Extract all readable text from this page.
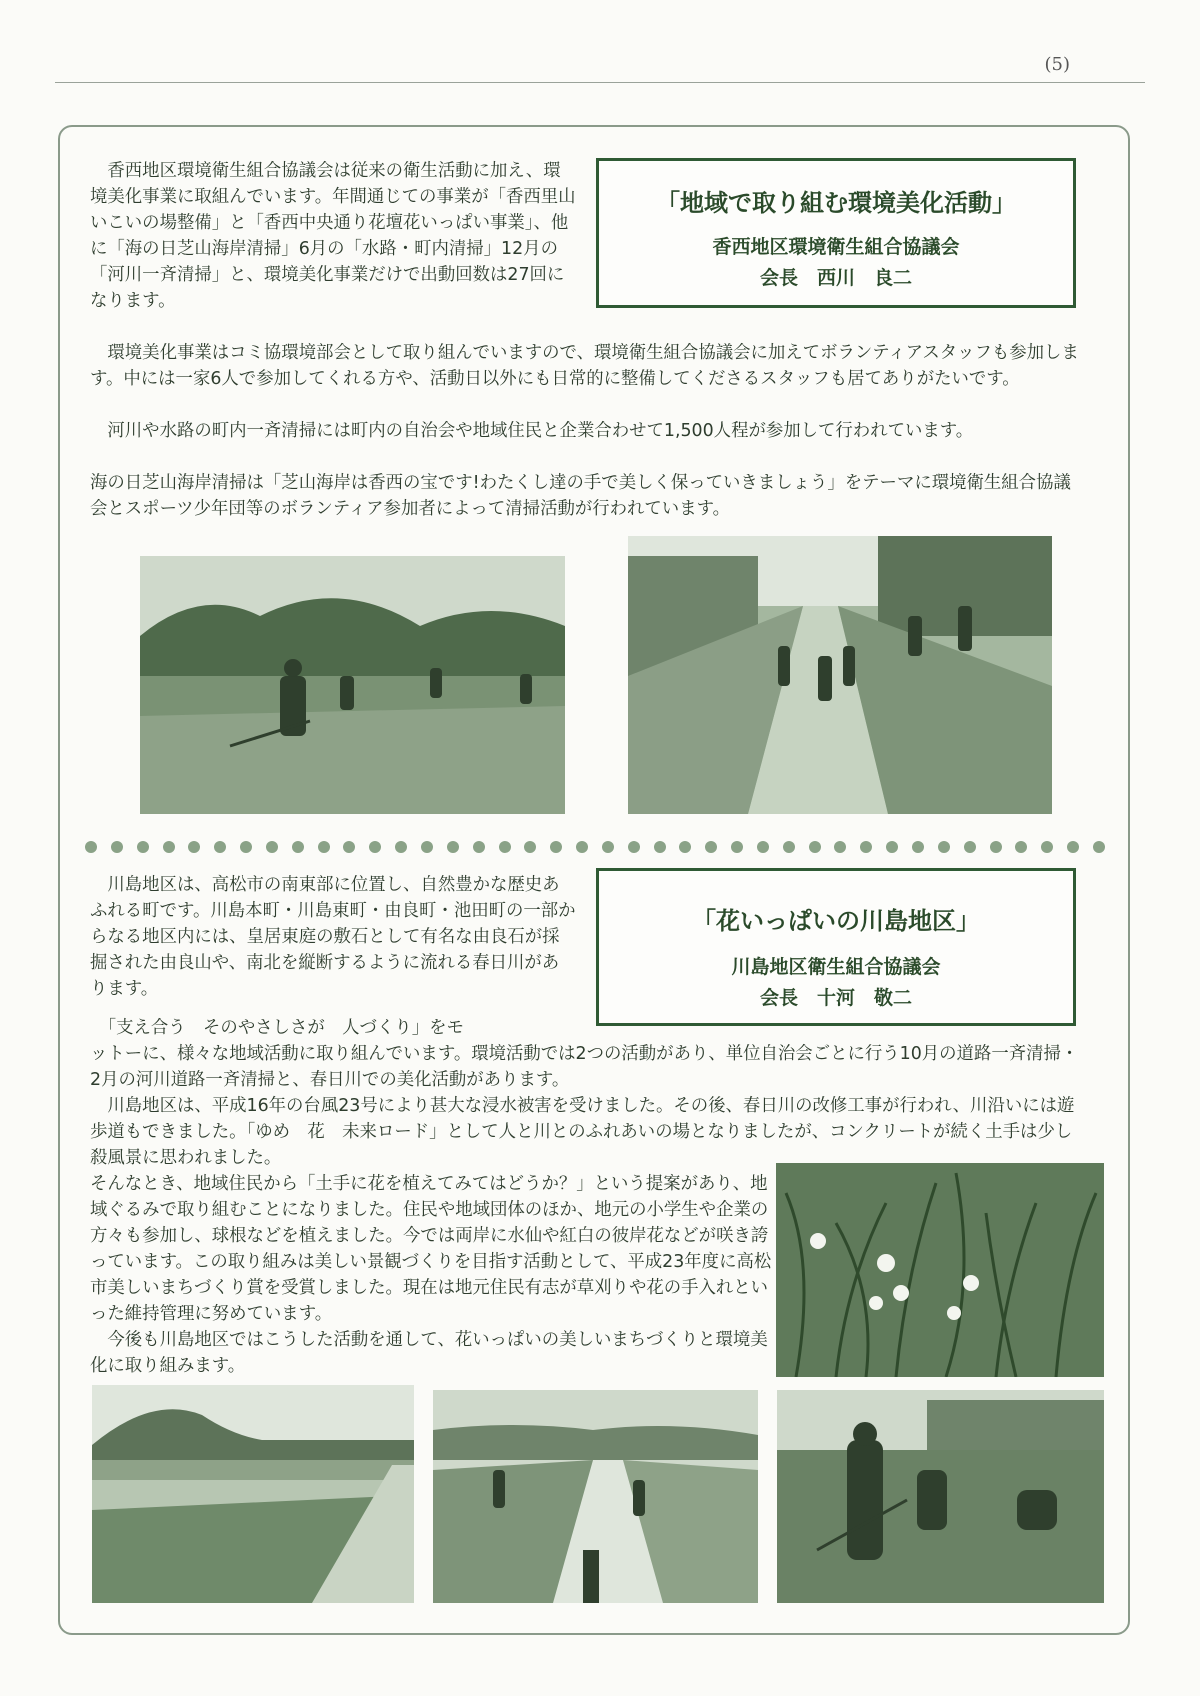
(5)

　香西地区環境衛生組合協議会は従来の衛生活動に加え、環境美化事業に取組んでいます。年間通じての事業が「香西里山いこいの場整備」と「香西中央通り花壇花いっぱい事業」、他に「海の日芝山海岸清掃」6月の「水路・町内清掃」12月の「河川一斉清掃」と、環境美化事業だけで出動回数は27回になります。

「地域で取り組む環境美化活動」
香西地区環境衛生組合協議会
会長　西川　良二

　環境美化事業はコミ協環境部会として取り組んでいますので、環境衛生組合協議会に加えてボランティアスタッフも参加します。中には一家6人で参加してくれる方や、活動日以外にも日常的に整備してくださるスタッフも居てありがたいです。

　河川や水路の町内一斉清掃には町内の自治会や地域住民と企業合わせて1,500人程が参加して行われています。

海の日芝山海岸清掃は「芝山海岸は香西の宝です!わたくし達の手で美しく保っていきましょう」をテーマに環境衛生組合協議会とスポーツ少年団等のボランティア参加者によって清掃活動が行われています。

　川島地区は、高松市の南東部に位置し、自然豊かな歴史あふれる町です。川島本町・川島東町・由良町・池田町の一部からなる地区内には、皇居東庭の敷石として有名な由良石が採掘された由良山や、南北を縦断するように流れる春日川があります。

「花いっぱいの川島地区」
川島地区衛生組合協議会
会長　十河　敬二

　「支え合う　そのやさしさが　人づくり」をモ

ットーに、様々な地域活動に取り組んでいます。環境活動では2つの活動があり、単位自治会ごとに行う10月の道路一斉清掃・2月の河川道路一斉清掃と、春日川での美化活動があります。

　川島地区は、平成16年の台風23号により甚大な浸水被害を受けました。その後、春日川の改修工事が行われ、川沿いには遊歩道もできました。「ゆめ　花　未来ロード」として人と川とのふれあいの場となりましたが、コンクリートが続く土手は少し殺風景に思われました。

そんなとき、地域住民から「土手に花を植えてみてはどうか？」という提案があり、地域ぐるみで取り組むことになりました。住民や地域団体のほか、地元の小学生や企業の方々も参加し、球根などを植えました。今では両岸に水仙や紅白の彼岸花などが咲き誇っています。この取り組みは美しい景観づくりを目指す活動として、平成23年度に高松市美しいまちづくり賞を受賞しました。現在は地元住民有志が草刈りや花の手入れといった維持管理に努めています。

　今後も川島地区ではこうした活動を通して、花いっぱいの美しいまちづくりと環境美化に取り組みます。
